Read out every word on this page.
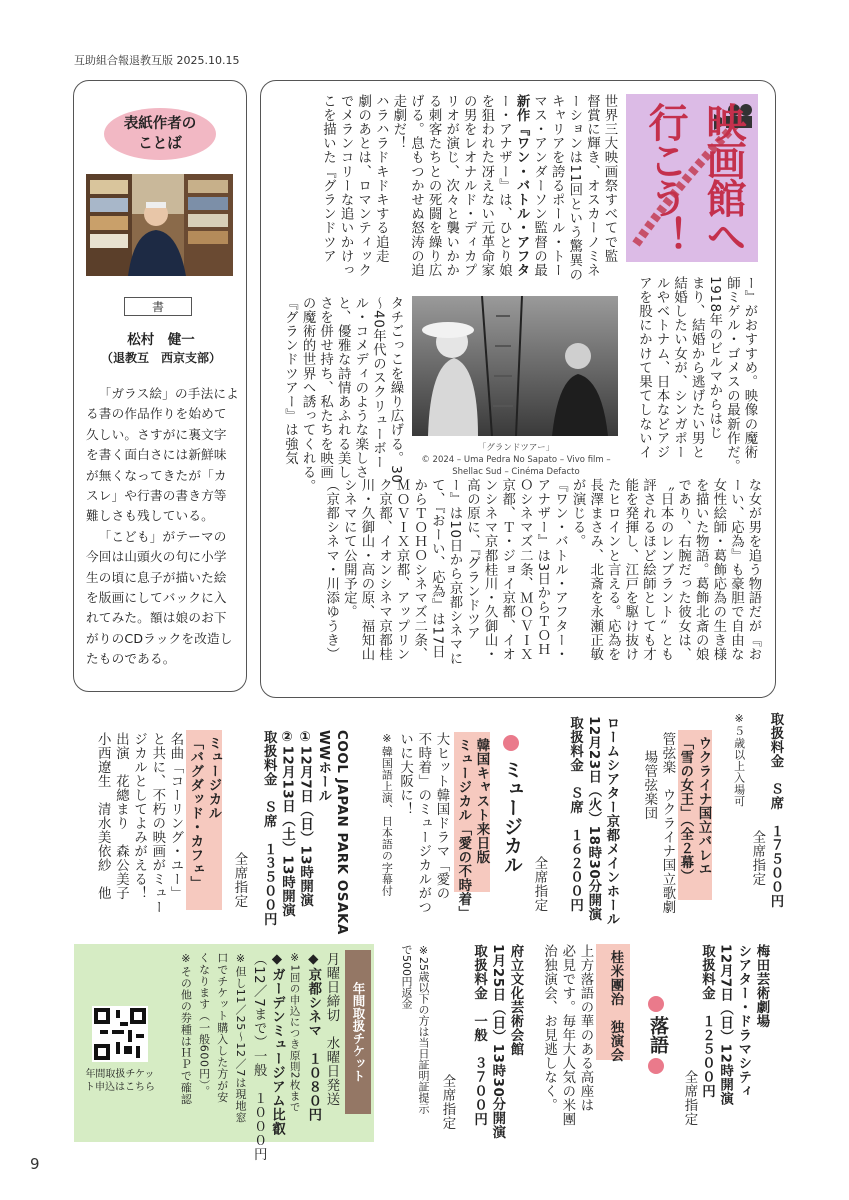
互助組合報退教互版 2025.10.15
表紙作者の
ことば
書
松村　健一
（退教互　西京支部）
「ガラス絵」の手法による書の作品作りを始めて久しい。さすがに裏文字を書く面白さには新鮮味が無くなってきたが「カスレ」や行書の書き方等難しさも残している。
「こども」がテーマの今回は山頭火の句に小学生の頃に息子が描いた絵を版画にしてバックに入れてみた。額は娘のお下がりのCDラックを改造したものである。
映画館へ行こう！
世界三大映画祭すべてで監
督賞に輝き、オスカーノミネ
ーションは11回という驚異の
キャリアを誇るポール・トー
マス・アンダーソン監督の最
新作『ワン・バトル・アフタ
ー・アナザー』は、ひとり娘
を狙われた冴えない元革命家
の男をレオナルド・ディカプ
リオが演じ、次々と襲いかか
る刺客たちとの死闘を繰り広
げる。息もつかせぬ怒涛の追
走劇だ！
ハラハラドキドキする追走
劇のあとは、ロマンティック
でメランコリーな追いかけっ
こを描いた『グランドツア
ー』がおすすめ。映像の魔術
師ミゲル・ゴメスの最新作だ。
1918年のビルマからはじ
まり、結婚から逃げたい男と
結婚したい女が、シンガポー
ルやベトナム、日本などアジ
アを股にかけて果てしないイ
「グランドツアー」
© 2024 – Uma Pedra No Sapato – Vivo film –
Shellac Sud – Cinéma Defacto
タチごっこを繰り広げる。30
〜40年代のスクリューボー
ル・コメディのような楽しさ
と、優雅な詩情あふれる美し
さを併せ持ち、私たちを映画
の魔術的世界へ誘ってくれる。
『グランドツアー』は強気
な女が男を追う物語だが『お
ーい、応為』も豪胆で自由な
女性絵師・葛飾応為の生き様
を描いた物語。葛飾北斎の娘
であり、右腕だった彼女は、
〝日本のレンブラント〟とも
評されるほど絵師としても才
能を発揮し、江戸を駆け抜け
たヒロインと言える。応為を
長澤まさみ、北斎を永瀬正敏
が演じる。
『ワン・バトル・アフター・
アナザー』は3日からＴＯＨ
Ｏシネマズ二条、ＭＯＶＩＸ
京都、Ｔ・ジョイ京都、イオ
ンシネマ京都桂川・久御山・
高の原に、『グランドツア
ー』は10日から京都シネマに
て、『おーい、応為』は17日
からＴＯＨＯシネマズ二条、
ＭＯＶＩＸ京都、アップリン
ク京都、イオンシネマ京都桂
川・久御山・高の原、福知山
シネマにて公開予定。
（京都シネマ・川添ゆうき）
取扱料金　Ｓ席　１７５００円
全席指定
※５歳以上入場可
ウクライナ国立バレエ
「雪の女王」（全２幕）
管弦楽　ウクライナ国立歌劇
場管弦楽団
ロームシアター京都メインホール
12月23日（火）18時30分開演
取扱料金　Ｓ席　１６２００円
全席指定
ミュージカル
韓国キャスト来日版
ミュージカル「愛の不時着」
大ヒット韓国ドラマ「愛の
不時着」のミュージカルがつ
いに大阪に！
※韓国語上演、日本語の字幕付
COOL JAPAN PARK OSAKA
WWホール
①12月7日（日）13時開演
②12月13日（土）13時開演
取扱料金　Ｓ席　１３５００円
全席指定
ミュージカル
「バグダッド・カフェ」
名曲「コーリング・ユー」
と共に、不朽の映画がミュー
ジカルとしてよみがえる！
出演　花總まり　森公美子
小西遼生　清水美依紗　他
梅田芸術劇場
シアター・ドラマシティ
12月7日（日）12時開演
取扱料金　１２５００円
全席指定
落語
桂米團治　独演会
上方落語の華のある高座は
必見です。毎年大人気の米團
治独演会、お見逃しなく。
府立文化芸術会館
1月25日（日）13時30分開演
取扱料金　一般　３７００円
全席指定
※25歳以下の方は当日証明証提示
で500円返金
年間取扱チケット
月曜日締切　水曜日発送
◆京都シネマ　１０８０円
※1回の申込につき原則2枚まで
◆ガーデンミュージアム比叡
（12／7まで）一般　１０００円
※但し11／25〜12／7は現地窓
口でチケット購入した方が安
くなります（一般600円）。
※その他の券種はＨＰで確認
年間取扱チケット申込はこちら
9
